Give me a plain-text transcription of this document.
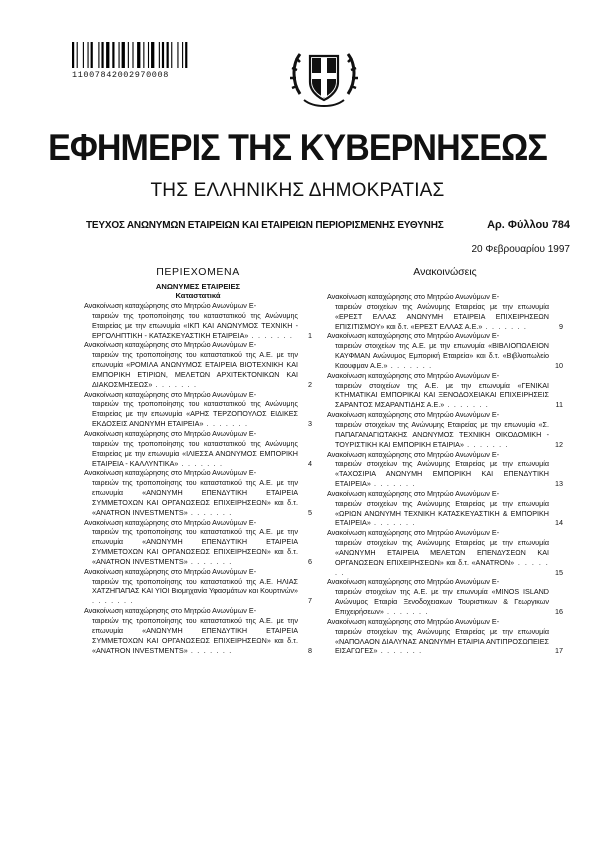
11007842002970008
ΕΦΗΜΕΡΙΣ ΤΗΣ ΚΥΒΕΡΝΗΣΕΩΣ
ΤΗΣ ΕΛΛΗΝΙΚΗΣ ΔΗΜΟΚΡΑΤΙΑΣ
ΤΕΥΧΟΣ ΑΝΩΝΥΜΩΝ ΕΤΑΙΡΕΙΩΝ ΚΑΙ ΕΤΑΙΡΕΙΩΝ ΠΕΡΙΟΡΙΣΜΕΝΗΣ ΕΥΘΥΝΗΣ	Αρ. Φύλλου 784
20 Φεβρουαρίου 1997
ΠΕΡΙΕΧΟΜΕΝΑ
ΑΝΩΝΥΜΕΣ ΕΤΑΙΡΕΙΕΣ
Καταστατικά

Ανακοίνωση καταχώρησης στο Μητρώο Ανωνύμων Ε-

ταιρειών της τροποποίησης του καταστατικού της Ανώνυμης Εταιρείας με την επωνυμία «ΙΚΠ ΚΑΙ ΑΝΩΝΥΜΟΣ ΤΕΧΝΙΚΗ - ΕΡΓΟΛΗΠΤΙΚΗ - ΚΑΤΑΣΚΕΥΑΣΤΙΚΗ ΕΤΑΙΡΕΙΑ» . . . . . . .	1

Ανακοίνωση καταχώρησης στο Μητρώο Ανωνύμων Ε-

ταιρειών της τροποποίησης του καταστατικού της Α.Ε. με την επωνυμία «ΡΟΜΙΛΑ ΑΝΩΝΥΜΟΣ ΕΤΑΙΡΕΙΑ ΒΙΟΤΕΧΝΙΚΗ ΚΑΙ ΕΜΠΟΡΙΚΗ ΕΤΙΡΙΩΝ, ΜΕΛΕΤΩΝ ΑΡΧΙΤΕΚΤΟΝΙΚΩΝ ΚΑΙ ΔΙΑΚΟΣΜΗΣΕΩΣ» . . . . . . .	2

Ανακοίνωση καταχώρησης στο Μητρώο Ανωνύμων Ε-

ταιρειών της τροποποίησης του καταστατικού της Ανώνυμης Εταιρείας με την επωνυμία «ΑΡΗΣ ΤΕΡΖΟΠΟΥΛΟΣ ΕΙΔΙΚΕΣ ΕΚΔΟΣΕΙΣ ΑΝΩΝΥΜΗ ΕΤΑΙΡΕΙΑ» . . . . . . .	3

Ανακοίνωση καταχώρησης στο Μητρώο Ανωνύμων Ε-

ταιρειών της τροποποίησης του καταστατικού της Ανώνυμης Εταιρείας με την επωνυμία «ΙΛΙΕΣΣΑ ΑΝΩΝΥΜΟΣ ΕΜΠΟΡΙΚΗ ΕΤΑΙΡΕΙΑ - ΚΑΛΛΥΝΤΙΚΑ» . . . . . . .	4

Ανακοίνωση καταχώρησης στο Μητρώο Ανωνύμων Ε-

ταιρειών της τροποποίησης του καταστατικού της Α.Ε. με την επωνυμία «ΑΝΩΝΥΜΗ ΕΠΕΝΔΥΤΙΚΗ ΕΤΑΙΡΕΙΑ ΣΥΜΜΕΤΟΧΩΝ ΚΑΙ ΟΡΓΑΝΩΣΕΩΣ ΕΠΙΧΕΙΡΗΣΕΩΝ» και δ.τ. «ANATRON INVESTMENTS» . . . . . . .	5

Ανακοίνωση καταχώρησης στο Μητρώο Ανωνύμων Ε-

ταιρειών της τροποποίησης του καταστατικού της Α.Ε. με την επωνυμία «ΑΝΩΝΥΜΗ ΕΠΕΝΔΥΤΙΚΗ ΕΤΑΙΡΕΙΑ ΣΥΜΜΕΤΟΧΩΝ ΚΑΙ ΟΡΓΑΝΩΣΕΩΣ ΕΠΙΧΕΙΡΗΣΕΩΝ» και δ.τ. «ANATRON INVESTMENTS» . . . . . . .	6

Ανακοίνωση καταχώρησης στο Μητρώο Ανωνύμων Ε-

ταιρειών της τροποποίησης του καταστατικού της Α.Ε. ΗΛΙΑΣ ΧΑΤΖΗΠΑΠΑΣ ΚΑΙ ΥΙΟΙ Βιομηχανία Υφασμάτων και Κουρτινών» . . . . . . .	7

Ανακοίνωση καταχώρησης στο Μητρώο Ανωνύμων Ε-

ταιρειών της τροποποίησης του καταστατικού της Α.Ε. με την επωνυμία «ΑΝΩΝΥΜΗ ΕΠΕΝΔΥΤΙΚΗ ΕΤΑΙΡΕΙΑ ΣΥΜΜΕΤΟΧΩΝ ΚΑΙ ΟΡΓΑΝΩΣΕΩΣ ΕΠΙΧΕΙΡΗΣΕΩΝ» και δ.τ. «ANATRON INVESTMENTS» . . . . . . .	8
Ανακοινώσεις

Ανακοίνωση καταχώρησης στο Μητρώο Ανωνύμων Ε-

ταιρειών στοιχείων της Ανώνυμης Εταιρείας με την επωνυμία «ΕΡΕΣΤ ΕΛΛΑΣ ΑΝΩΝΥΜΗ ΕΤΑΙΡΕΙΑ ΕΠΙΧΕΙΡΗΣΕΩΝ ΕΠΙΣΙΤΙΣΜΟΥ» και δ.τ. «ΕΡΕΣΤ ΕΛΛΑΣ Α.Ε.» . . . . . . .	9

Ανακοίνωση καταχώρησης στο Μητρώο Ανωνύμων Ε-

ταιρειών στοιχείων της Α.Ε. με την επωνυμία «ΒΙΒΛΙΟΠΩΛΕΙΟΝ ΚΑΥΦΜΑΝ Ανώνυμος Εμπορική Εταιρεία» και δ.τ. «Βιβλιοπωλείο Καουφμαν Α.Ε.» . . . . . . .	10

Ανακοίνωση καταχώρησης στο Μητρώο Ανωνύμων Ε-

ταιρειών στοιχείων της Α.Ε. με την επωνυμία «ΓΕΝΙΚΑΙ ΚΤΗΜΑΤΙΚΑΙ ΕΜΠΟΡΙΚΑΙ ΚΑΙ ΞΕΝΟΔΟΧΕΙΑΚΑΙ ΕΠΙΧΕΙΡΗΣΕΙΣ ΣΑΡΑΝΤΟΣ ΜΣΑΡΑΝΤΙΔΗΣ Α.Ε.» . . . . . . .	11

Ανακοίνωση καταχώρησης στο Μητρώο Ανωνύμων Ε-

ταιρειών στοιχείων της Ανώνυμης Εταιρείας με την επωνυμία «Σ. ΠΑΠΑΓΑΝΑΓΙΩΤΑΚΗΣ ΑΝΩΝΥΜΟΣ ΤΕΧΝΙΚΗ ΟΙΚΟΔΟΜΙΚΗ - ΤΟΥΡΙΣΤΙΚΗ ΚΑΙ ΕΜΠΟΡΙΚΗ ΕΤΑΙΡΙΑ» . . . . . . .	12

Ανακοίνωση καταχώρησης στο Μητρώο Ανωνύμων Ε-

ταιρειών στοιχείων της Ανώνυμης Εταιρείας με την επωνυμία «ΤΑΧΟΣΙΡΙΑ ΑΝΩΝΥΜΗ ΕΜΠΟΡΙΚΗ ΚΑΙ ΕΠΕΝΔΥΤΙΚΗ ΕΤΑΙΡΕΙΑ» . . . . . . .	13

Ανακοίνωση καταχώρησης στο Μητρώο Ανωνύμων Ε-

ταιρειών στοιχείων της Ανώνυμης Εταιρείας με την επωνυμία «ΩΡΙΩΝ ΑΝΩΝΥΜΗ ΤΕΧΝΙΚΗ ΚΑΤΑΣΚΕΥΑΣΤΙΚΗ & ΕΜΠΟΡΙΚΗ ΕΤΑΙΡΕΙΑ» . . . . . . .	14

Ανακοίνωση καταχώρησης στο Μητρώο Ανωνύμων Ε-

ταιρειών στοιχείων της Ανώνυμης Εταιρείας με την επωνυμία «ΑΝΩΝΥΜΗ ΕΤΑΙΡΕΙΑ ΜΕΛΕΤΩΝ ΕΠΕΝΔΥΣΕΩΝ ΚΑΙ ΟΡΓΑΝΩΣΕΩΝ ΕΠΙΧΕΙΡΗΣΕΩΝ» και δ.τ. «ANATRON» . . . . . . .	15

Ανακοίνωση καταχώρησης στο Μητρώο Ανωνύμων Ε-

ταιρειών στοιχείων της Α.Ε. με την επωνυμία «MINOS ISLAND Ανώνυμος Εταιρία Ξενοδοχειακων Τουριστικων & Γεωργικων Επιχειρήσεων» . . . . . . .	16

Ανακοίνωση καταχώρησης στο Μητρώο Ανωνύμων Ε-

ταιρειών στοιχείων της Ανώνυμης Εταιρείας με την επωνυμία «ΝΑΠΟΛΑΟΝ ΔΙΑΛΥΝΑΣ ΑΝΩΝΥΜΗ ΕΤΑΙΡΙΑ ΑΝΤΙΠΡΟΣΩΠΕΙΕΣ ΕΙΣΑΓΩΓΕΣ» . . . . . . .	17
